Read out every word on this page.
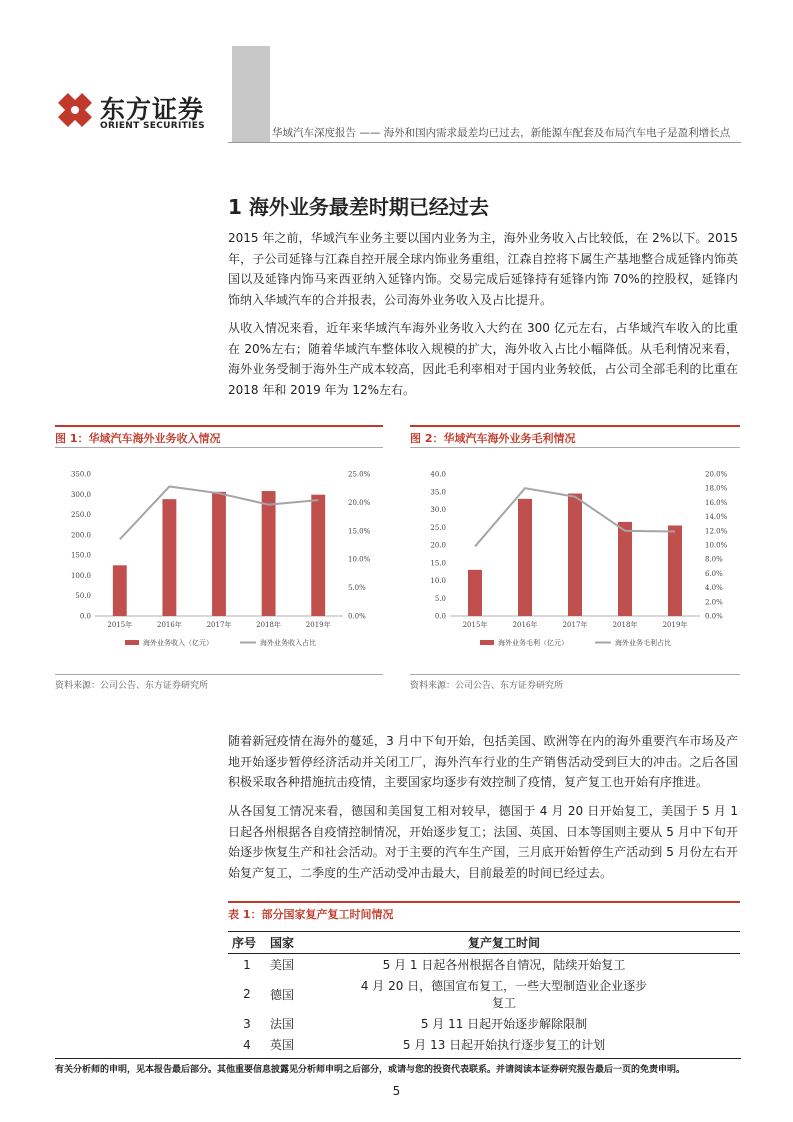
东方证券
ORIENT SECURITIES
华域汽车深度报告 —— 海外和国内需求最差均已过去，新能源车配套及布局汽车电子是盈利增长点
1 海外业务最差时期已经过去
2015 年之前，华域汽车业务主要以国内业务为主，海外业务收入占比较低，在 2%以下。2015 年，子公司延锋与江森自控开展全球内饰业务重组，江森自控将下属生产基地整合成延锋内饰英国以及延锋内饰马来西亚纳入延锋内饰。交易完成后延锋持有延锋内饰 70%的控股权，延锋内饰纳入华域汽车的合并报表，公司海外业务收入及占比提升。
从收入情况来看，近年来华域汽车海外业务收入大约在 300 亿元左右，占华域汽车收入的比重在 20%左右；随着华域汽车整体收入规模的扩大，海外收入占比小幅降低。从毛利情况来看，海外业务受制于海外生产成本较高，因此毛利率相对于国内业务较低，占公司全部毛利的比重在 2018 年和 2019 年为 12%左右。
图 1：华域汽车海外业务收入情况
0.0
50.0
100.0
150.0
200.0
250.0
300.0
350.0
0.0%
5.0%
10.0%
15.0%
20.0%
25.0%
2015年	2016年	2017年	2018年	2019年
海外业务收入（亿元）	海外业务收入占比
资料来源：公司公告、东方证券研究所
图 2：华域汽车海外业务毛利情况
0.0
5.0
10.0
15.0
20.0
25.0
30.0
35.0
40.0
0.0%
2.0%
4.0%
6.0%
8.0%
10.0%
12.0%
14.0%
16.0%
18.0%
20.0%
2015年	2016年	2017年	2018年	2019年
海外业务毛利（亿元）	海外业务毛利占比
资料来源：公司公告、东方证券研究所
随着新冠疫情在海外的蔓延，3 月中下旬开始，包括美国、欧洲等在内的海外重要汽车市场及产地开始逐步暂停经济活动并关闭工厂，海外汽车行业的生产销售活动受到巨大的冲击。之后各国积极采取各种措施抗击疫情，主要国家均逐步有效控制了疫情，复产复工也开始有序推进。
从各国复工情况来看，德国和美国复工相对较早，德国于 4 月 20 日开始复工，美国于 5 月 1 日起各州根据各自疫情控制情况，开始逐步复工；法国、英国、日本等国则主要从 5 月中下旬开始逐步恢复生产和社会活动。对于主要的汽车生产国，三月底开始暂停生产活动到 5 月份左右开始复产复工，二季度的生产活动受冲击最大，目前最差的时间已经过去。
表 1：部分国家复产复工时间情况
序号	国家	复产复工时间
1	美国	5 月 1 日起各州根据各自情况，陆续开始复工
2	德国	4 月 20 日，德国宣布复工，一些大型制造业企业逐步复工
3	法国	5 月 11 日起开始逐步解除限制
4	英国	5 月 13 日起开始执行逐步复工的计划
有关分析师的申明，见本报告最后部分。其他重要信息披露见分析师申明之后部分，或请与您的投资代表联系。并请阅读本证券研究报告最后一页的免责申明。
5
